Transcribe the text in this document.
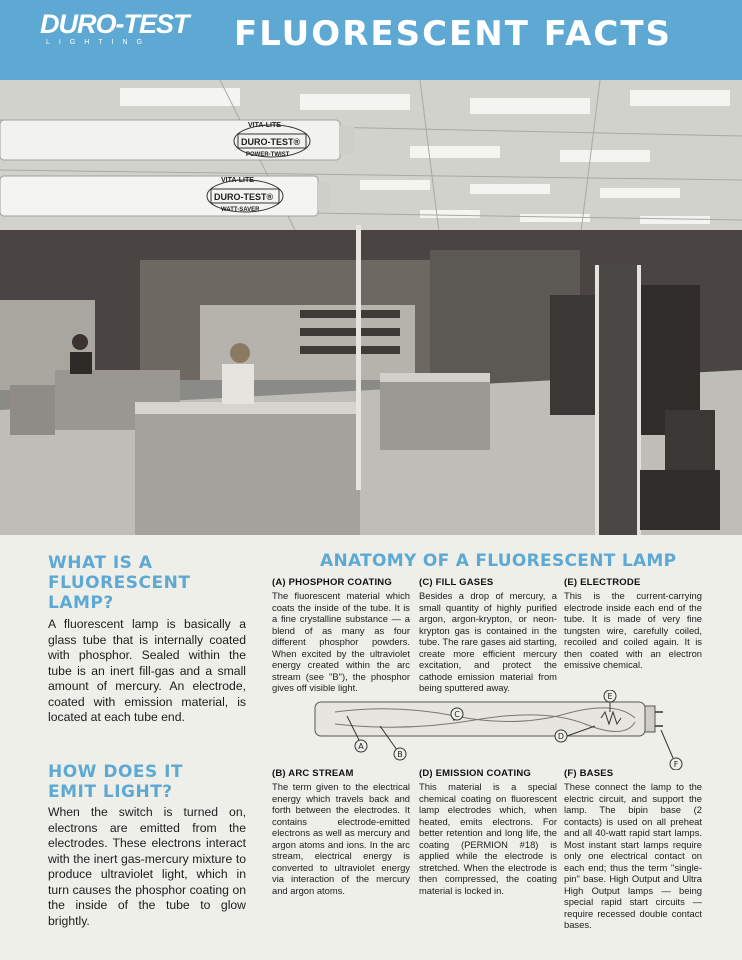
DURO-TEST
LIGHTING	FLUORESCENT FACTS
VITA-LITE
DURO-TEST®
POWER-TWIST
VITA-LITE
DURO-TEST®
WATT-SAVER
WHAT IS A
FLUORESCENT
LAMP?
A fluorescent lamp is basically a glass tube that is internally coated with phosphor. Sealed within the tube is an inert fill-gas and a small amount of mercury. An electrode, coated with emission material, is located at each tube end.
HOW DOES IT
EMIT LIGHT?
When the switch is turned on, electrons are emitted from the electrodes. These electrons interact with the inert gas-mercury mixture to produce ultraviolet light, which in turn causes the phosphor coating on the inside of the tube to glow brightly.
ANATOMY OF A FLUORESCENT LAMP
(A) PHOSPHOR COATING
The fluorescent material which coats the inside of the tube. It is a fine crystalline substance — a blend of as many as four different phosphor powders. When excited by the ultraviolet energy created within the arc stream (see "B"), the phosphor gives off visible light.
(C) FILL GASES
Besides a drop of mercury, a small quantity of highly purified argon, argon-krypton, or neon-krypton gas is contained in the tube. The rare gases aid starting, create more efficient mercury excitation, and protect the cathode emission material from being sputtered away.
(E) ELECTRODE
This is the current-carrying electrode inside each end of the tube. It is made of very fine tungsten wire, carefully coiled, recoiled and coiled again. It is then coated with an electron emissive chemical.
A
B
C
D
E
F
(B) ARC STREAM
The term given to the electrical energy which travels back and forth between the electrodes. It contains electrode-emitted electrons as well as mercury and argon atoms and ions. In the arc stream, electrical energy is converted to ultraviolet energy via interaction of the mercury and argon atoms.
(D) EMISSION COATING
This material is a special chemical coating on fluorescent lamp electrodes which, when heated, emits electrons. For better retention and long life, the coating (PERMION #18) is applied while the electrode is stretched. When the electrode is then compressed, the coating material is locked in.
(F) BASES
These connect the lamp to the electric circuit, and support the lamp. The bipin base (2 contacts) is used on all preheat and all 40-watt rapid start lamps. Most instant start lamps require only one electrical contact on each end; thus the term "single-pin" base. High Output and Ultra High Output lamps — being special rapid start circuits — require recessed double contact bases.
